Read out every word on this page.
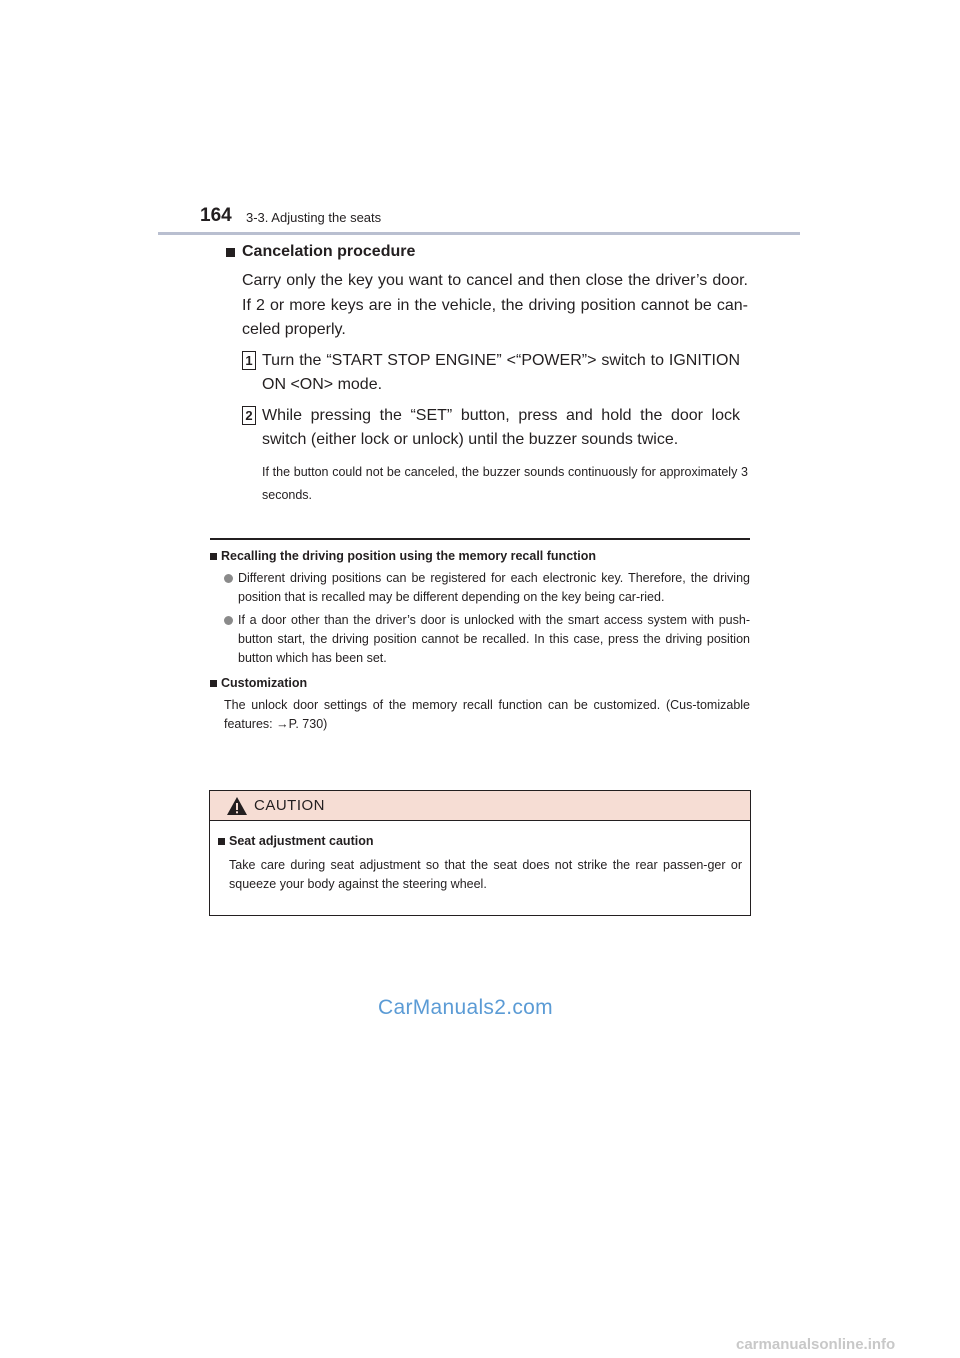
164 3-3. Adjusting the seats
Cancelation procedure
Carry only the key you want to cancel and then close the driver’s door. If 2 or more keys are in the vehicle, the driving position cannot be can-celed properly.
1 Turn the “START STOP ENGINE” <“POWER”> switch to IGNITION ON <ON> mode.
2 While pressing the “SET” button, press and hold the door lock switch (either lock or unlock) until the buzzer sounds twice.
If the button could not be canceled, the buzzer sounds continuously for approximately 3 seconds.
Recalling the driving position using the memory recall function
Different driving positions can be registered for each electronic key. Therefore, the driving position that is recalled may be different depending on the key being car-ried.
If a door other than the driver’s door is unlocked with the smart access system with push-button start, the driving position cannot be recalled. In this case, press the driving position button which has been set.
Customization
The unlock door settings of the memory recall function can be customized. (Cus-tomizable features: →P. 730)
CAUTION
Seat adjustment caution
Take care during seat adjustment so that the seat does not strike the rear passen-ger or squeeze your body against the steering wheel.
CarManuals2.com
carmanualsonline.info
